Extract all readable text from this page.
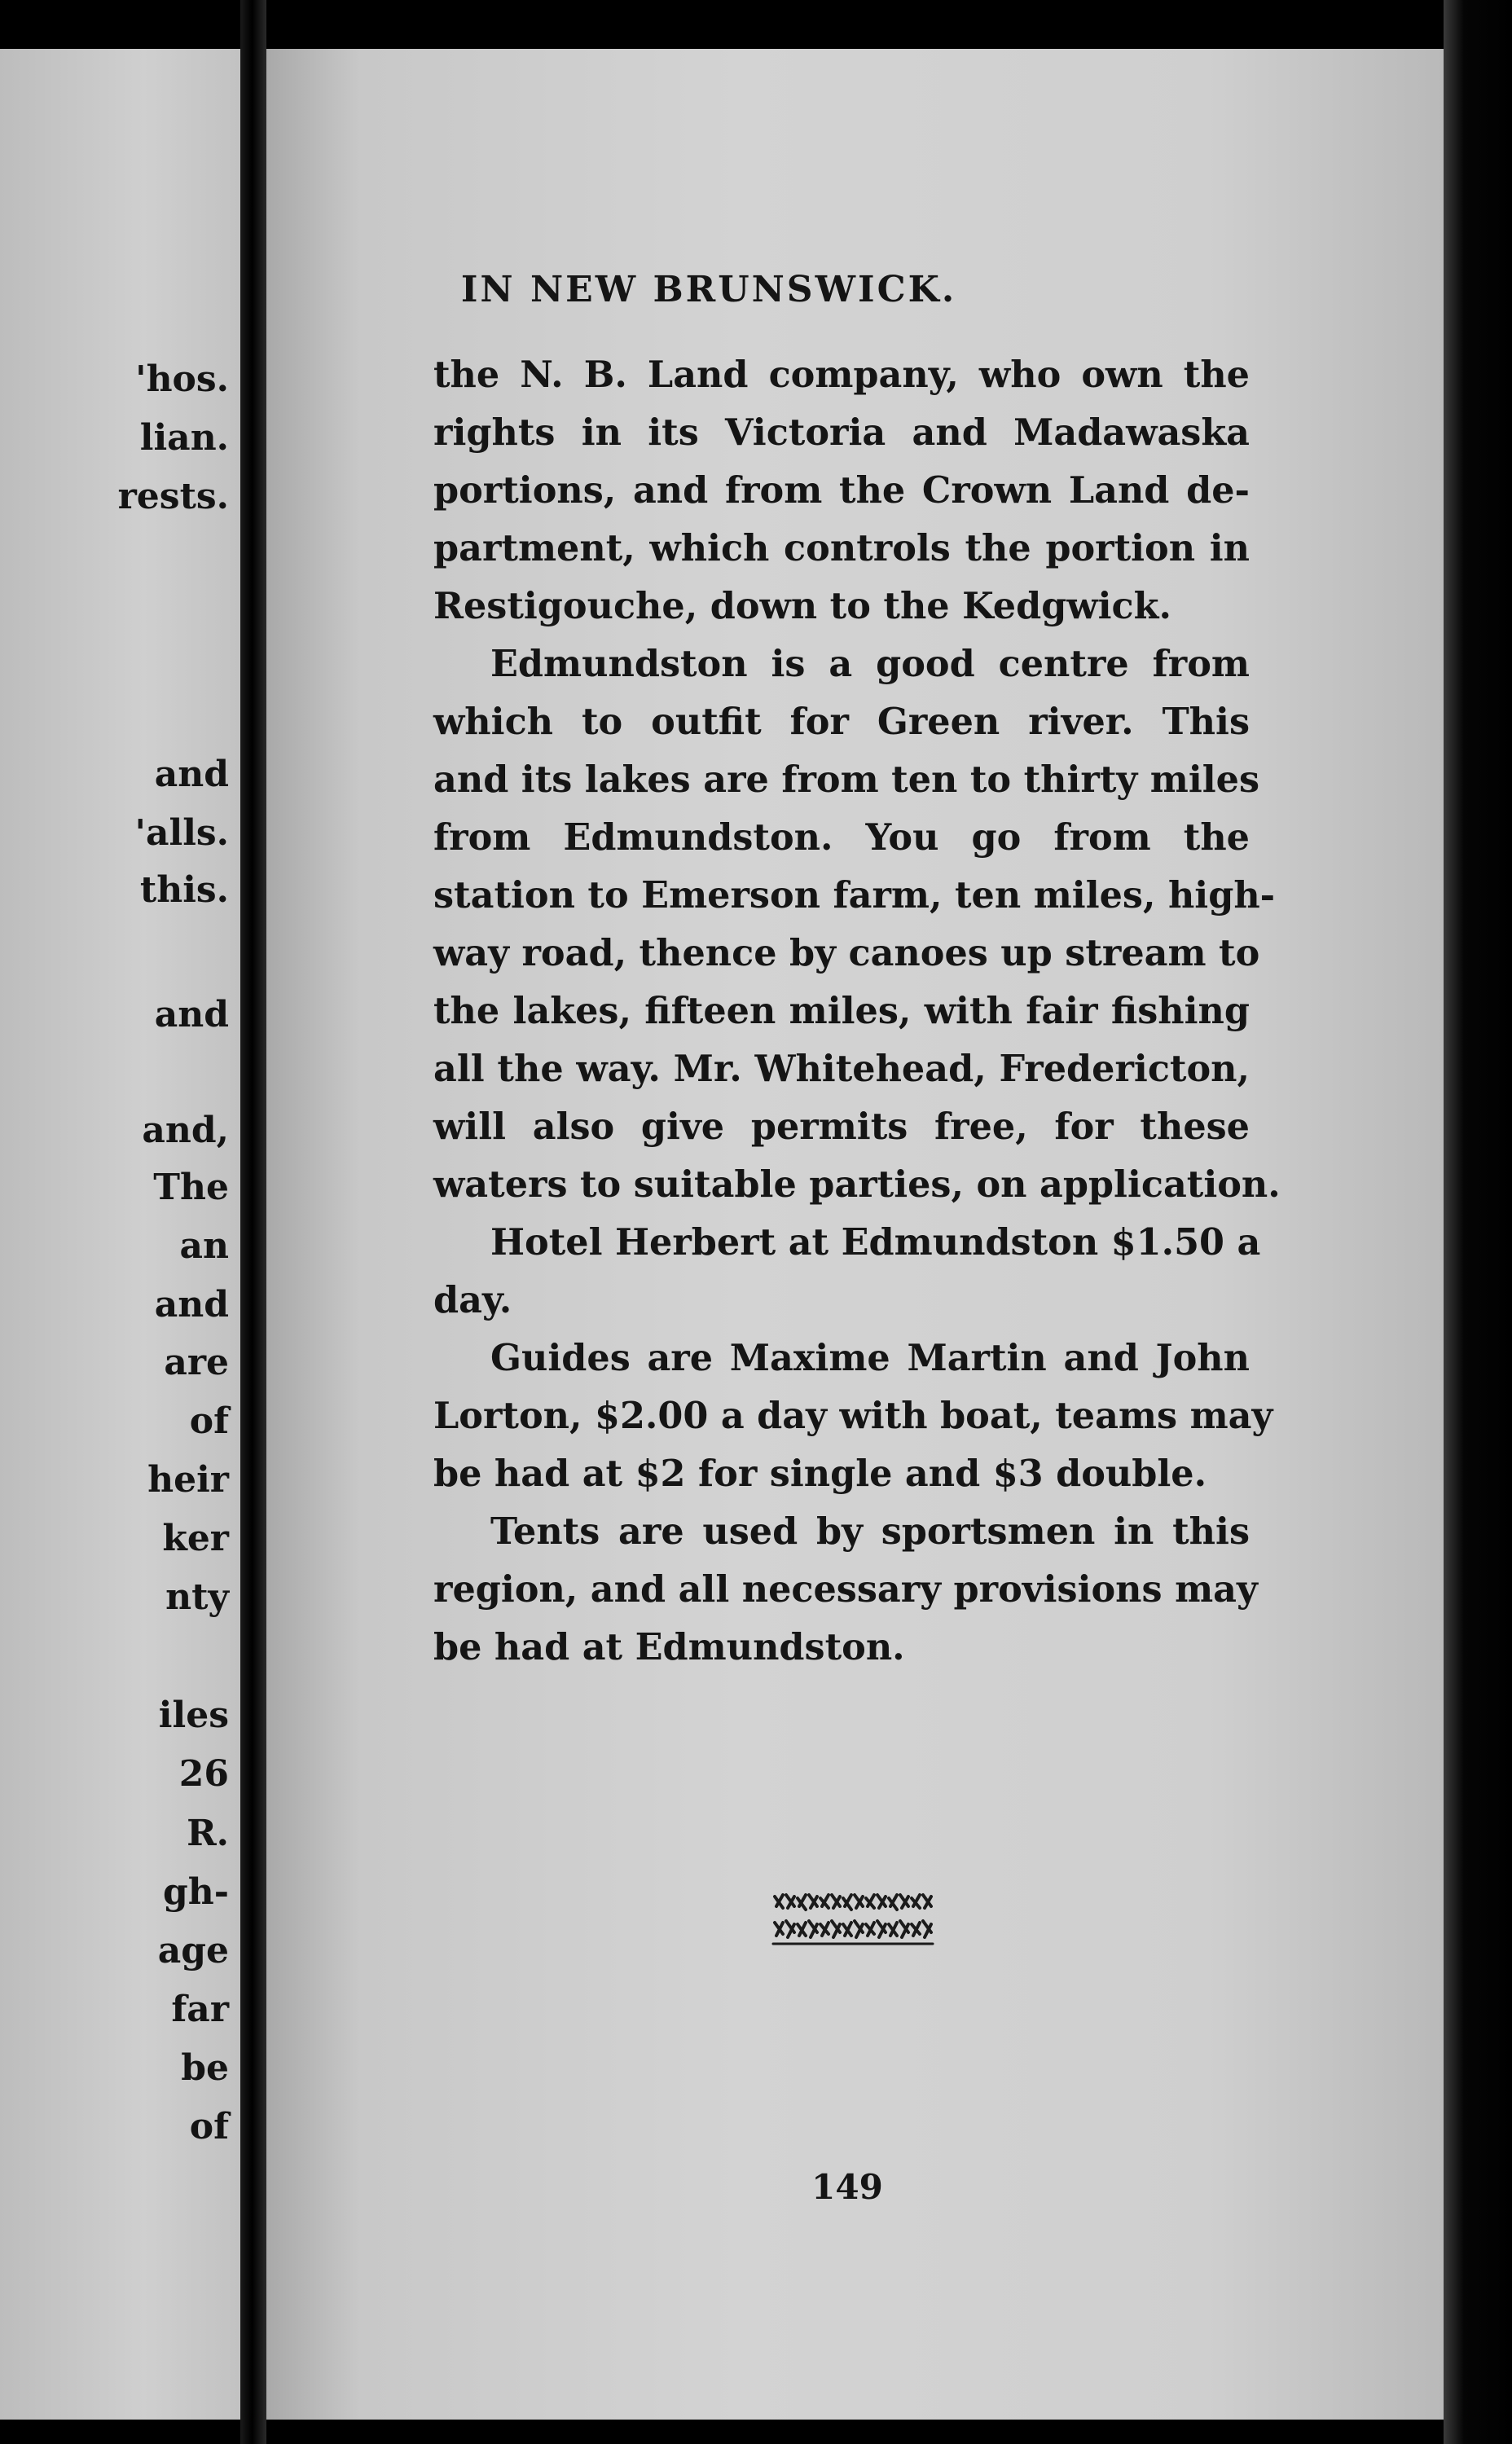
'hos.
lian.
rests.
and
'alls.
this.
and
and,
The
an
and
are
of
heir
ker
nty
iles
26
R.
gh-
age
far
be
of
IN NEW BRUNSWICK.
the N. B. Land company, who own the
rights in its Victoria and Madawaska
portions, and from the Crown Land de-
partment, which controls the portion in
Restigouche, down to the Kedgwick.
Edmundston is a good centre from
which to outfit for Green river. This
and its lakes are from ten to thirty miles
from Edmundston. You go from the
station to Emerson farm, ten miles, high-
way road, thence by canoes up stream to
the lakes, fifteen miles, with fair fishing
all the way. Mr. Whitehead, Fredericton,
will also give permits free, for these
waters to suitable parties, on application.
Hotel Herbert at Edmundston $1.50 a
day.
Guides are Maxime Martin and John
Lorton, $2.00 a day with boat, teams may
be had at $2 for single and $3 double.
Tents are used by sportsmen in this
region, and all necessary provisions may
be had at Edmundston.
149
